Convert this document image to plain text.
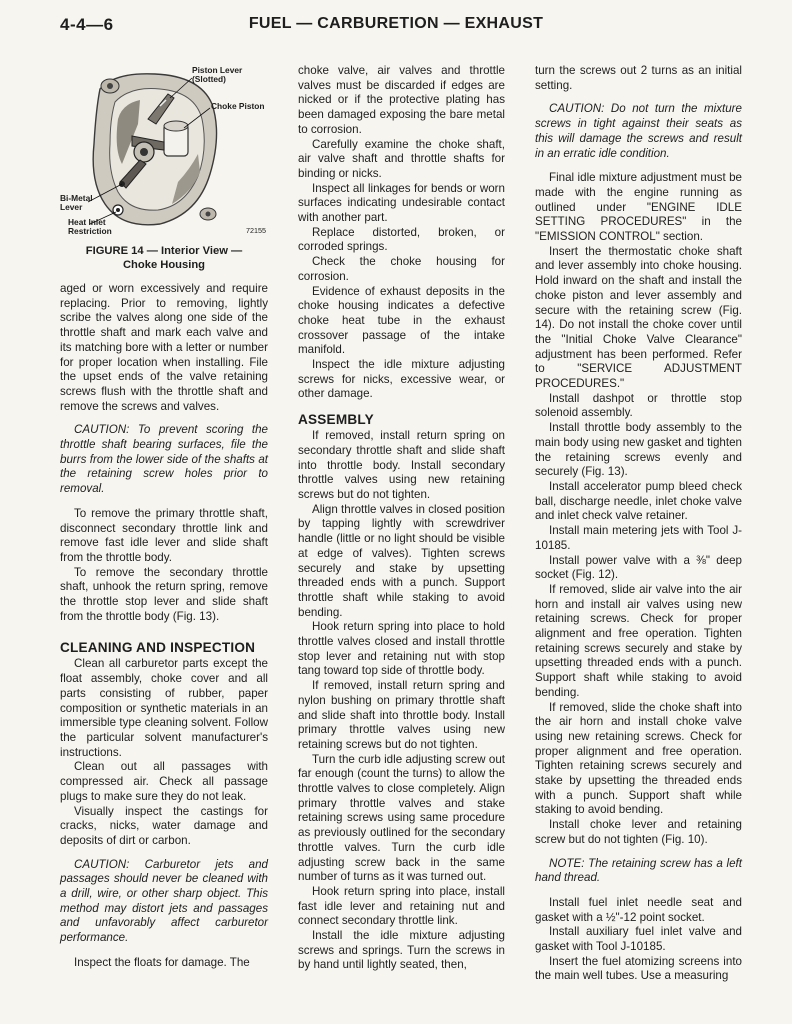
4-4—6	FUEL — CARBURETION — EXHAUST
Piston Lever
(Slotted)
Choke Piston
Bi-Metal
Lever
Heat Inlet
Restriction	72155
FIGURE 14 — Interior View —
Choke Housing

aged or worn excessively and require replacing. Prior to removing, lightly scribe the valves along one side of the throttle shaft and mark each valve and its matching bore with a letter or number for proper location when installing. File the upset ends of the valve retaining screws flush with the throttle shaft and remove the screws and valves.

CAUTION: To prevent scoring the throttle shaft bearing surfaces, file the burrs from the lower side of the shafts at the retaining screw holes prior to removal.

To remove the primary throttle shaft, disconnect secondary throttle link and remove fast idle lever and slide shaft from the throttle body.

To remove the secondary throttle shaft, unhook the return spring, remove the throttle stop lever and slide shaft from the throttle body (Fig. 13).

CLEANING AND INSPECTION

Clean all carburetor parts except the float assembly, choke cover and all parts consisting of rubber, paper composition or synthetic materials in an immersible type cleaning solvent. Follow the particular solvent manufacturer's instructions.

Clean out all passages with compressed air. Check all passage plugs to make sure they do not leak.

Visually inspect the castings for cracks, nicks, water damage and deposits of dirt or carbon.

CAUTION: Carburetor jets and passages should never be cleaned with a drill, wire, or other sharp object. This method may distort jets and passages and unfavorably affect carburetor performance.

Inspect the floats for damage. The

choke valve, air valves and throttle valves must be discarded if edges are nicked or if the protective plating has been damaged exposing the bare metal to corrosion.

Carefully examine the choke shaft, air valve shaft and throttle shafts for binding or nicks.

Inspect all linkages for bends or worn surfaces indicating undesirable contact with another part.

Replace distorted, broken, or corroded springs.

Check the choke housing for corrosion.

Evidence of exhaust deposits in the choke housing indicates a defective choke heat tube in the exhaust crossover passage of the intake manifold.

Inspect the idle mixture adjusting screws for nicks, excessive wear, or other damage.

ASSEMBLY

If removed, install return spring on secondary throttle shaft and slide shaft into throttle body. Install secondary throttle valves using new retaining screws but do not tighten.

Align throttle valves in closed position by tapping lightly with screwdriver handle (little or no light should be visible at edge of valves). Tighten screws securely and stake by upsetting threaded ends with a punch. Support throttle shaft while staking to avoid bending.

Hook return spring into place to hold throttle valves closed and install throttle stop lever and retaining nut with stop tang toward top side of throttle body.

If removed, install return spring and nylon bushing on primary throttle shaft and slide shaft into throttle body. Install primary throttle valves using new retaining screws but do not tighten.

Turn the curb idle adjusting screw out far enough (count the turns) to allow the throttle valves to close completely. Align primary throttle valves and stake retaining screws using same procedure as previously outlined for the secondary throttle valves. Turn the curb idle adjusting screw back in the same number of turns as it was turned out.

Hook return spring into place, install fast idle lever and retaining nut and connect secondary throttle link.

Install the idle mixture adjusting screws and springs. Turn the screws in by hand until lightly seated, then,

turn the screws out 2 turns as an initial setting.

CAUTION: Do not turn the mixture screws in tight against their seats as this will damage the screws and result in an erratic idle condition.

Final idle mixture adjustment must be made with the engine running as outlined under "ENGINE IDLE SETTING PROCEDURES" in the "EMISSION CONTROL" section.

Insert the thermostatic choke shaft and lever assembly into choke housing. Hold inward on the shaft and install the choke piston and lever assembly and secure with the retaining screw (Fig. 14). Do not install the choke cover until the "Initial Choke Valve Clearance" adjustment has been performed. Refer to "SERVICE ADJUSTMENT PROCEDURES."

Install dashpot or throttle stop solenoid assembly.

Install throttle body assembly to the main body using new gasket and tighten the retaining screws evenly and securely (Fig. 13).

Install accelerator pump bleed check ball, discharge needle, inlet choke valve and inlet check valve retainer.

Install main metering jets with Tool J-10185.

Install power valve with a ⅜" deep socket (Fig. 12).

If removed, slide air valve into the air horn and install air valves using new retaining screws. Check for proper alignment and free operation. Tighten retaining screws securely and stake by upsetting threaded ends with a punch. Support shaft while staking to avoid bending.

If removed, slide the choke shaft into the air horn and install choke valve using new retaining screws. Check for proper alignment and free operation. Tighten retaining screws securely and stake by upsetting the threaded ends with a punch. Support shaft while staking to avoid bending.

Install choke lever and retaining screw but do not tighten (Fig. 10).

NOTE: The retaining screw has a left hand thread.

Install fuel inlet needle seat and gasket with a ½"-12 point socket.

Install auxiliary fuel inlet valve and gasket with Tool J-10185.

Insert the fuel atomizing screens into the main well tubes. Use a measuring
